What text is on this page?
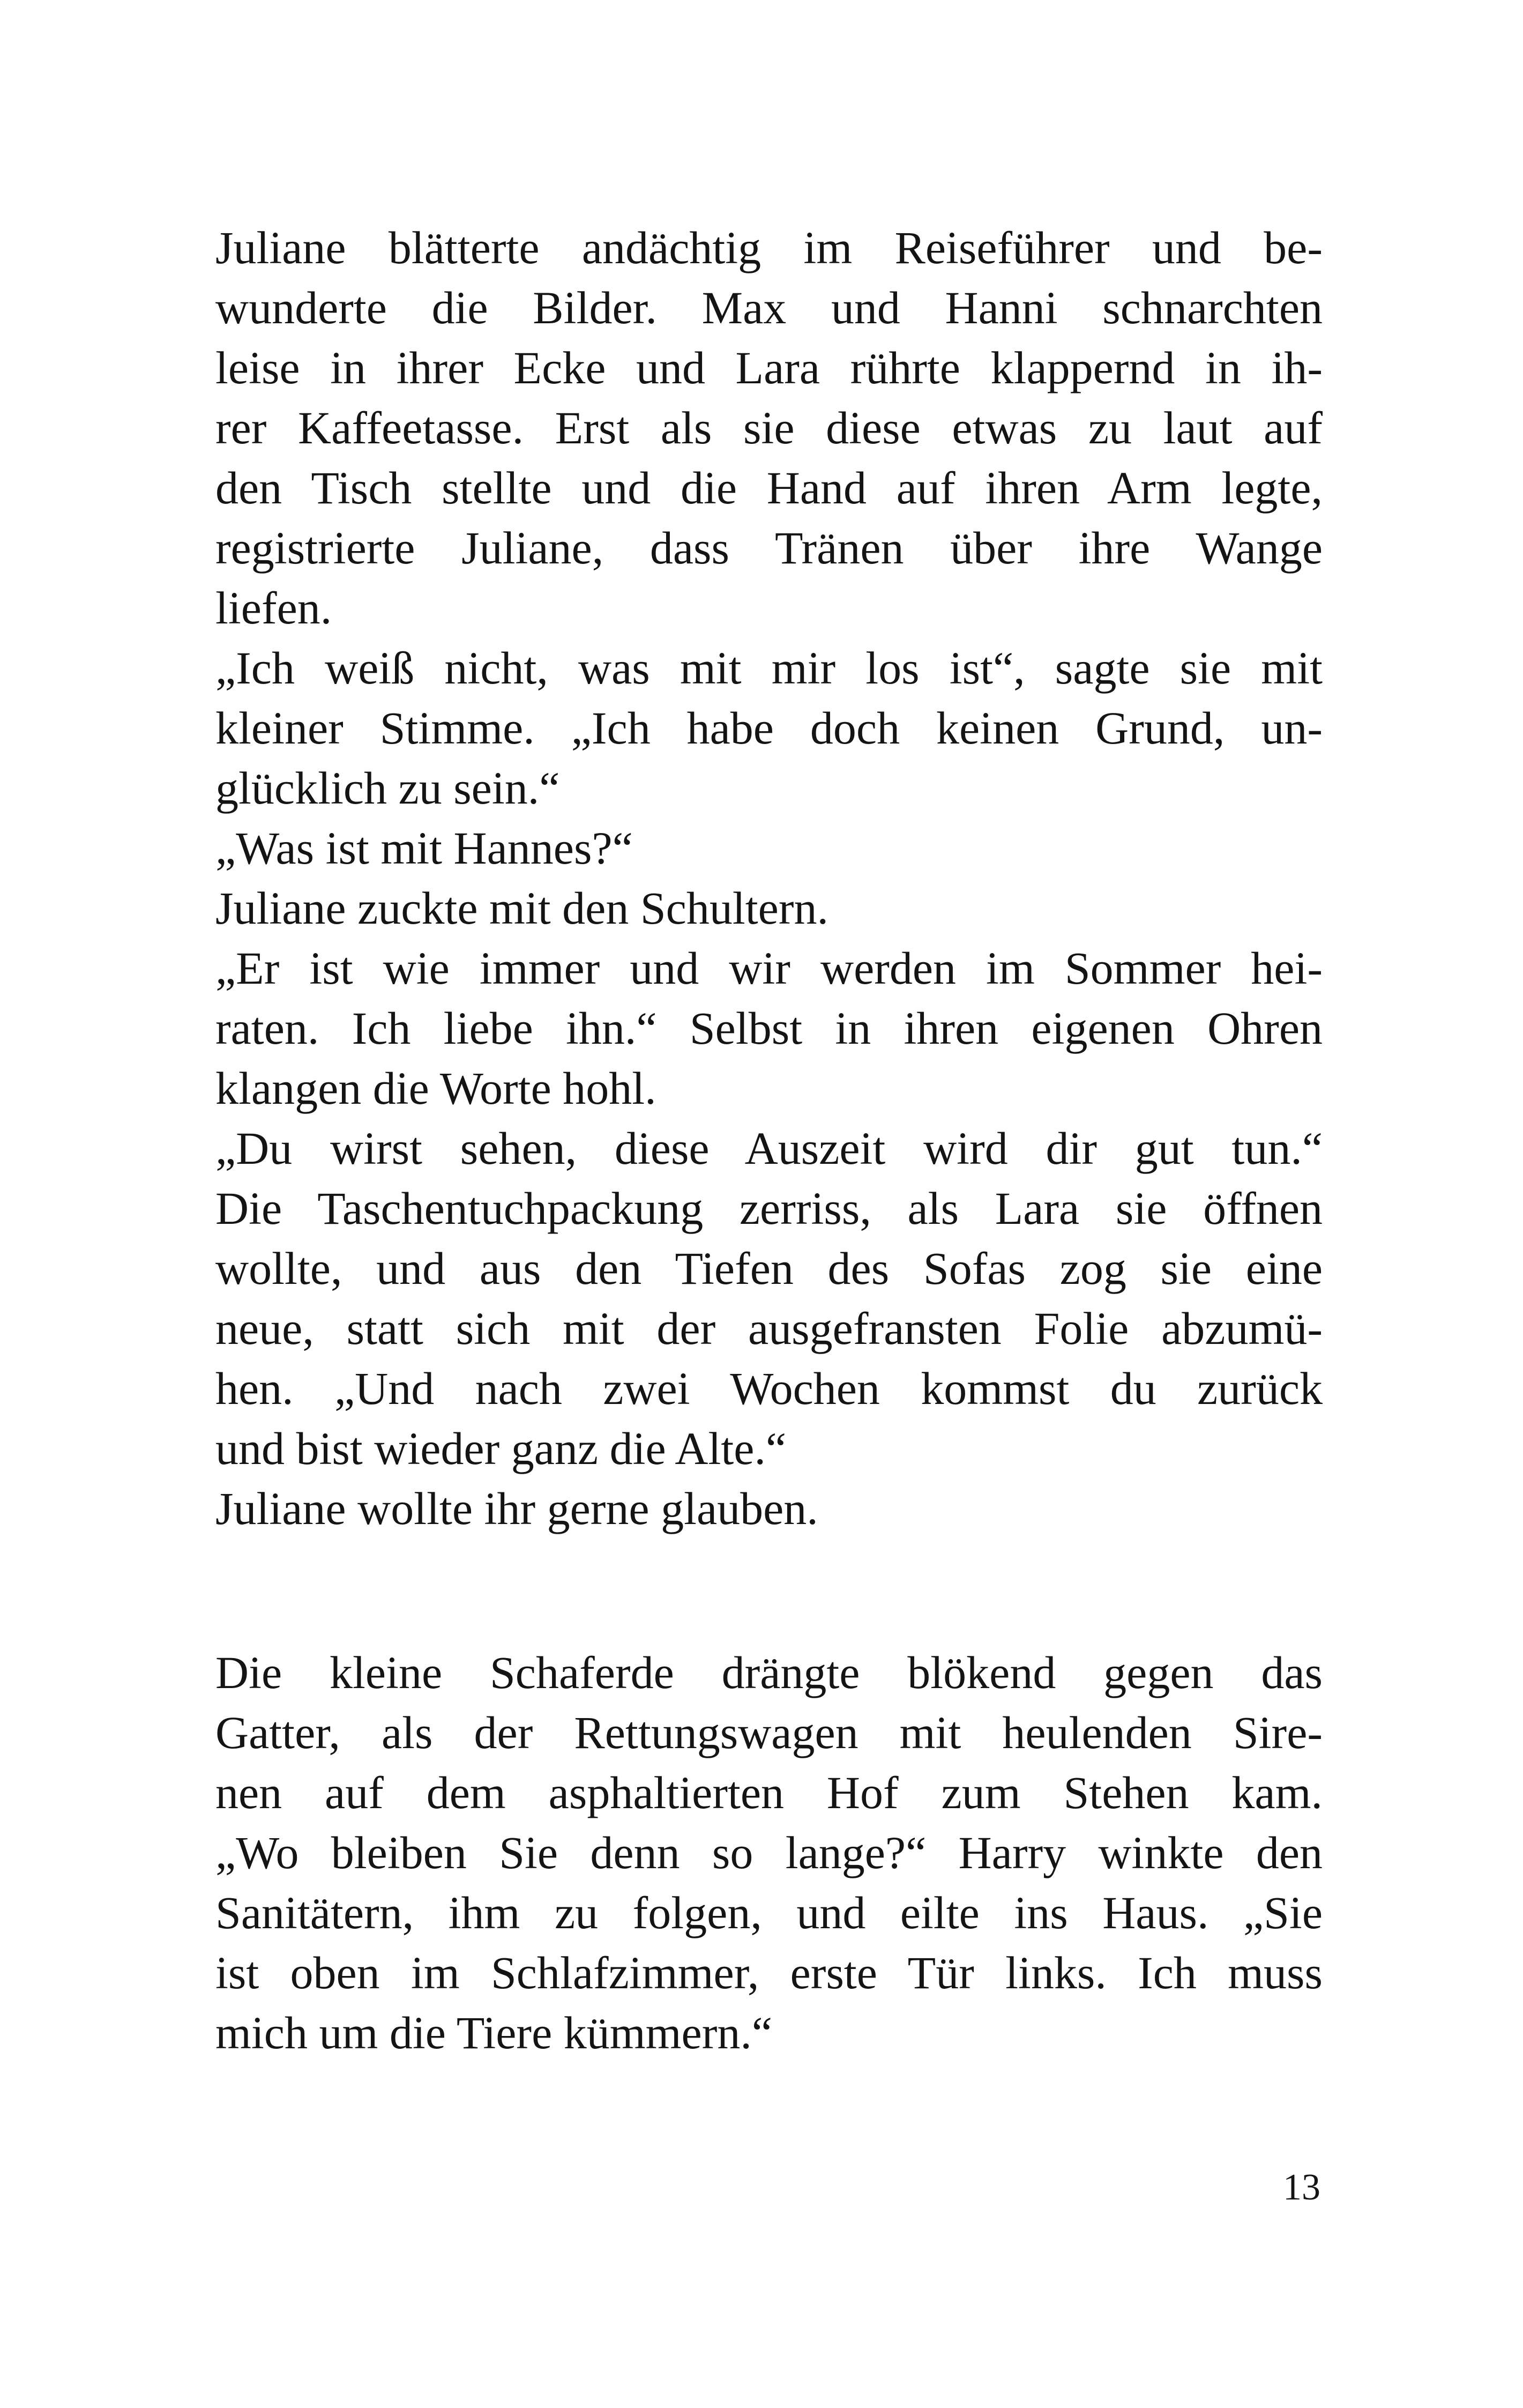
Juliane blätterte andächtig im Reiseführer und be-
wunderte die Bilder. Max und Hanni schnarchten
leise in ihrer Ecke und Lara rührte klappernd in ih-
rer Kaffeetasse. Erst als sie diese etwas zu laut auf
den Tisch stellte und die Hand auf ihren Arm legte,
registrierte Juliane, dass Tränen über ihre Wange
liefen.
„Ich weiß nicht, was mit mir los ist“, sagte sie mit
kleiner Stimme. „Ich habe doch keinen Grund, un-
glücklich zu sein.“
„Was ist mit Hannes?“
Juliane zuckte mit den Schultern.
„Er ist wie immer und wir werden im Sommer hei-
raten. Ich liebe ihn.“ Selbst in ihren eigenen Ohren
klangen die Worte hohl.
„Du wirst sehen, diese Auszeit wird dir gut tun.“
Die Taschentuchpackung zerriss, als Lara sie öffnen
wollte, und aus den Tiefen des Sofas zog sie eine
neue, statt sich mit der ausgefransten Folie abzumü-
hen. „Und nach zwei Wochen kommst du zurück
und bist wieder ganz die Alte.“
Juliane wollte ihr gerne glauben.
Die kleine Schaferde drängte blökend gegen das
Gatter, als der Rettungswagen mit heulenden Sire-
nen auf dem asphaltierten Hof zum Stehen kam.
„Wo bleiben Sie denn so lange?“ Harry winkte den
Sanitätern, ihm zu folgen, und eilte ins Haus. „Sie
ist oben im Schlafzimmer, erste Tür links. Ich muss
mich um die Tiere kümmern.“
13
